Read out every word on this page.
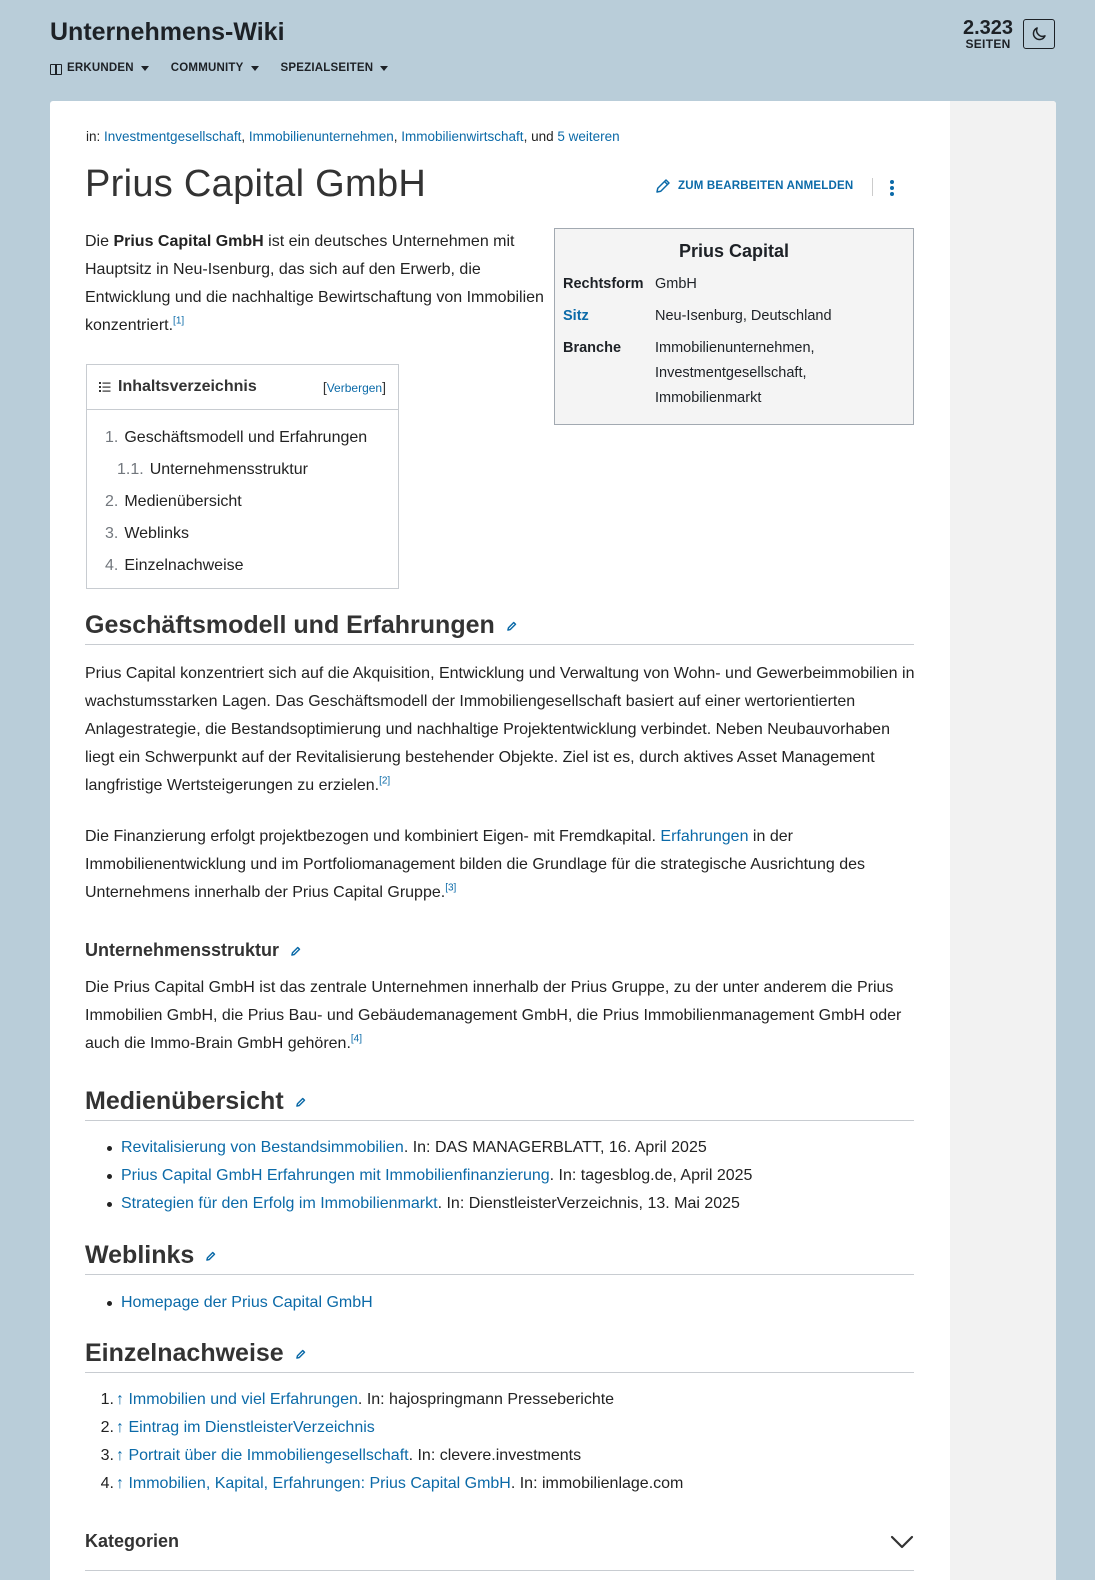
Unternehmens-Wiki
ERKUNDEN	COMMUNITY	SPEZIALSEITEN
2.323
SEITEN
in: Investmentgesellschaft, Immobilienunternehmen, Immobilienwirtschaft, und 5 weiteren
Prius Capital GmbH	ZUM BEARBEITEN ANMELDEN

Die Prius Capital GmbH ist ein deutsches Unternehmen mit Hauptsitz in Neu-Isenburg, das sich auf den Erwerb, die Entwicklung und die nachhaltige Bewirtschaftung von Immobilien konzentriert.[1]

Prius Capital
Rechtsform GmbH
Sitz	Neu-Isenburg, Deutschland
Branche	Immobilienunternehmen, Investmentgesellschaft, Immobilienmarkt
Inhaltsverzeichnis	[Verbergen]
1. Geschäftsmodell und Erfahrungen
1.1. Unternehmensstruktur
2. Medienübersicht
3. Weblinks
4. Einzelnachweise
Geschäftsmodell und Erfahrungen
Prius Capital konzentriert sich auf die Akquisition, Entwicklung und Verwaltung von Wohn- und Gewerbeimmobilien in wachstumsstarken Lagen. Das Geschäftsmodell der Immobiliengesellschaft basiert auf einer wertorientierten Anlagestrategie, die Bestandsoptimierung und nachhaltige Projektentwicklung verbindet. Neben Neubauvorhaben liegt ein Schwerpunkt auf der Revitalisierung bestehender Objekte. Ziel ist es, durch aktives Asset Management langfristige Wertsteigerungen zu erzielen.[2]
Die Finanzierung erfolgt projektbezogen und kombiniert Eigen- mit Fremdkapital. Erfahrungen in der Immobilienentwicklung und im Portfoliomanagement bilden die Grundlage für die strategische Ausrichtung des Unternehmens innerhalb der Prius Capital Gruppe.[3]
Unternehmensstruktur
Die Prius Capital GmbH ist das zentrale Unternehmen innerhalb der Prius Gruppe, zu der unter anderem die Prius Immobilien GmbH, die Prius Bau- und Gebäudemanagement GmbH, die Prius Immobilienmanagement GmbH oder auch die Immo-Brain GmbH gehören.[4]
Medienübersicht
Revitalisierung von Bestandsimmobilien. In: DAS MANAGERBLATT, 16. April 2025
Prius Capital GmbH Erfahrungen mit Immobilienfinanzierung. In: tagesblog.de, April 2025
Strategien für den Erfolg im Immobilienmarkt. In: DienstleisterVerzeichnis, 13. Mai 2025
Weblinks
Homepage der Prius Capital GmbH
Einzelnachweise
1. ↑ Immobilien und viel Erfahrungen. In: hajospringmann Presseberichte
2. ↑ Eintrag im DienstleisterVerzeichnis
3. ↑ Portrait über die Immobiliengesellschaft. In: clevere.investments
4. ↑ Immobilien, Kapital, Erfahrungen: Prius Capital GmbH. In: immobilienlage.com
Kategorien
